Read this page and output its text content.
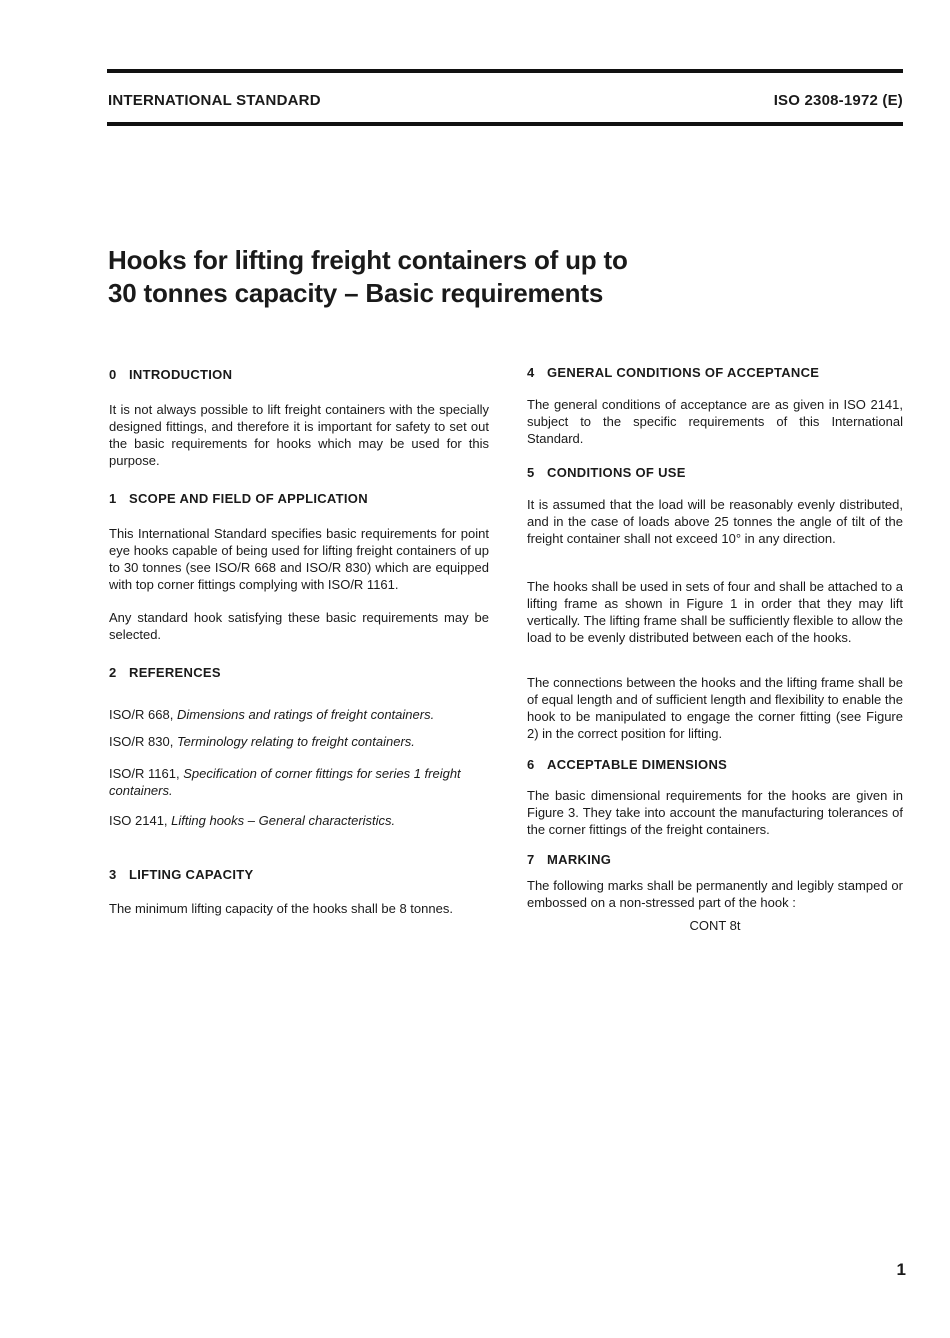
INTERNATIONAL STANDARD	ISO 2308-1972 (E)
Hooks for lifting freight containers of up to
30 tonnes capacity – Basic requirements
0 INTRODUCTION

It is not always possible to lift freight containers with the specially designed fittings, and therefore it is important for safety to set out the basic requirements for hooks which may be used for this purpose.

1 SCOPE AND FIELD OF APPLICATION

This International Standard specifies basic requirements for point eye hooks capable of being used for lifting freight containers of up to 30 tonnes (see ISO/R 668 and ISO/R 830) which are equipped with top corner fittings complying with ISO/R 1161.

Any standard hook satisfying these basic requirements may be selected.

2 REFERENCES
ISO/R 668, Dimensions and ratings of freight containers.
ISO/R 830, Terminology relating to freight containers.
ISO/R 1161, Specification of corner fittings for series 1 freight containers.
ISO 2141, Lifting hooks – General characteristics.
3 LIFTING CAPACITY

The minimum lifting capacity of the hooks shall be 8 tonnes.

4 GENERAL CONDITIONS OF ACCEPTANCE

The general conditions of acceptance are as given in ISO 2141, subject to the specific requirements of this International Standard.

5 CONDITIONS OF USE

It is assumed that the load will be reasonably evenly distributed, and in the case of loads above 25 tonnes the angle of tilt of the freight container shall not exceed 10° in any direction.

The hooks shall be used in sets of four and shall be attached to a lifting frame as shown in Figure 1 in order that they may lift vertically. The lifting frame shall be sufficiently flexible to allow the load to be evenly distributed between each of the hooks.

The connections between the hooks and the lifting frame shall be of equal length and of sufficient length and flexibility to enable the hook to be manipulated to engage the corner fitting (see Figure 2) in the correct position for lifting.

6 ACCEPTABLE DIMENSIONS

The basic dimensional requirements for the hooks are given in Figure 3. They take into account the manufacturing tolerances of the corner fittings of the freight containers.

7 MARKING

The following marks shall be permanently and legibly stamped or embossed on a non-stressed part of the hook :

CONT 8t
1
